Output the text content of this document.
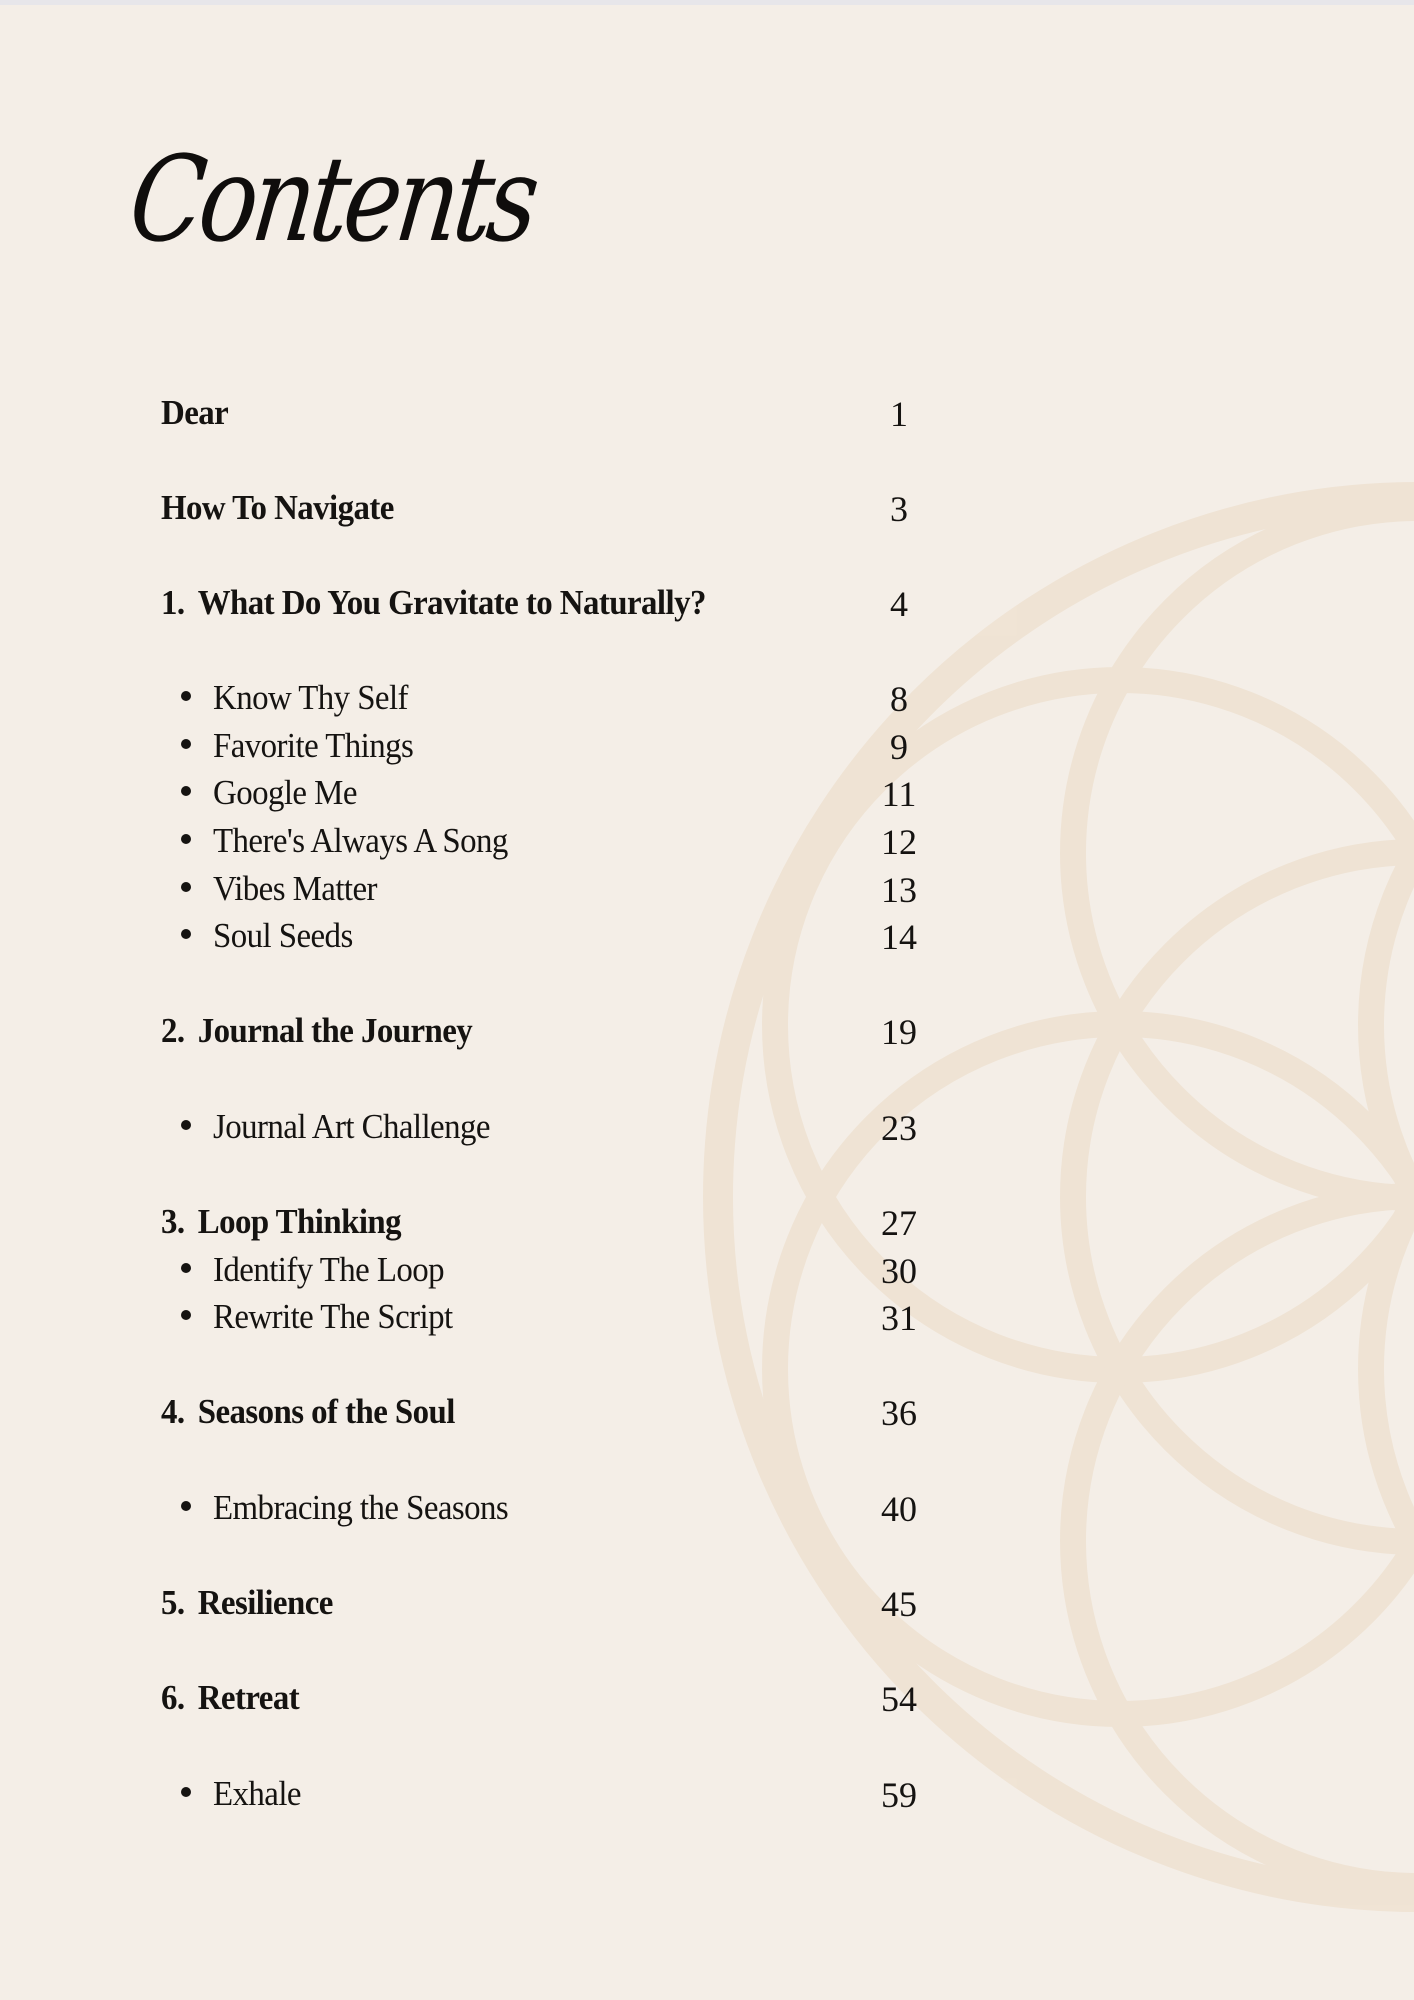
Contents
Dear	1
How To Navigate	3
1. What Do You Gravitate to Naturally?	4
Know Thy Self	8
Favorite Things	9
Google Me	11
There's Always A Song	12
Vibes Matter	13
Soul Seeds	14
2. Journal the Journey	19
Journal Art Challenge	23
3. Loop Thinking	27
Identify The Loop	30
Rewrite The Script	31
4. Seasons of the Soul	36
Embracing the Seasons	40
5. Resilience	45
6. Retreat	54
Exhale	59
